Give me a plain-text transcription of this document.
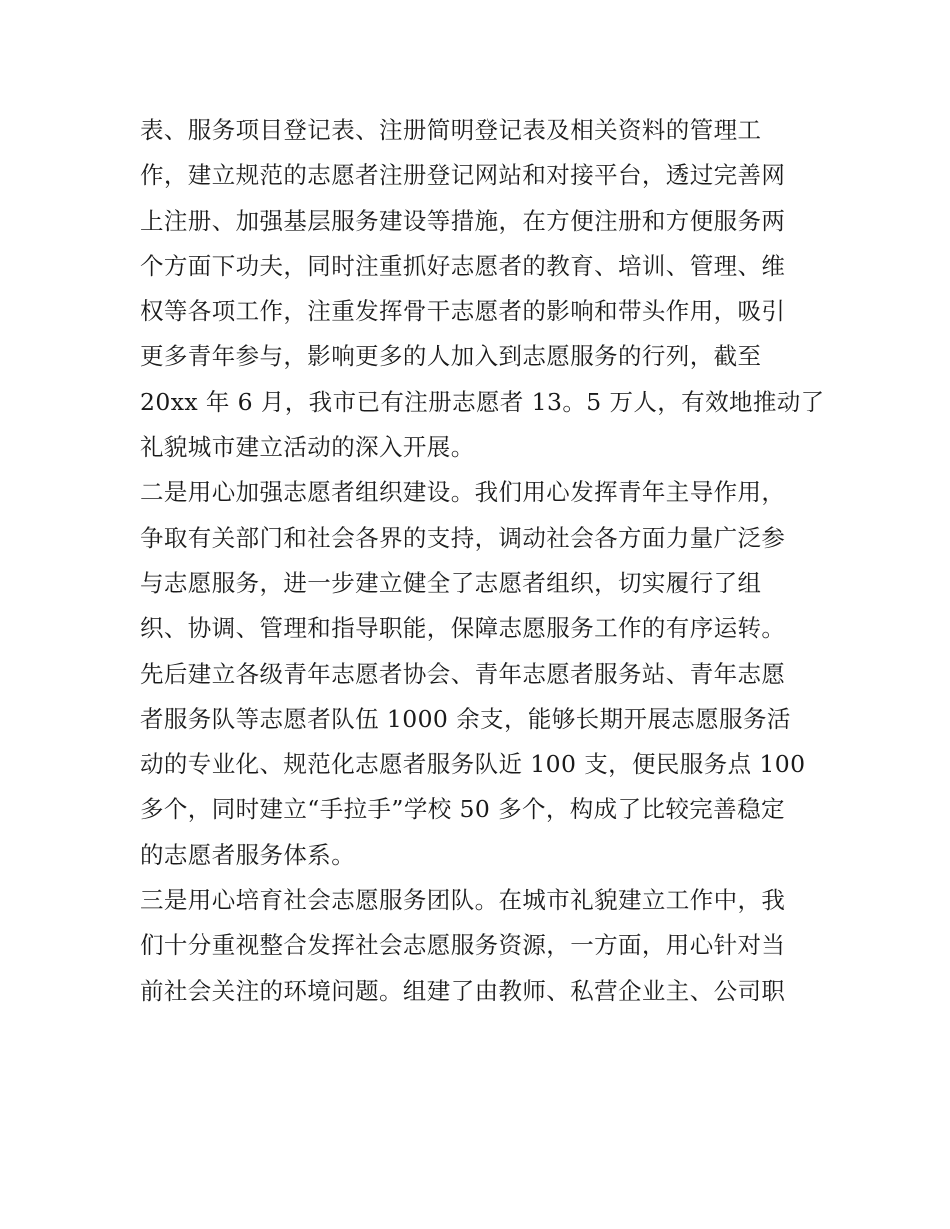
表、服务项目登记表、注册简明登记表及相关资料的管理工
作，建立规范的志愿者注册登记网站和对接平台，透过完善网
上注册、加强基层服务建设等措施，在方便注册和方便服务两
个方面下功夫，同时注重抓好志愿者的教育、培训、管理、维
权等各项工作，注重发挥骨干志愿者的影响和带头作用，吸引
更多青年参与，影响更多的人加入到志愿服务的行列，截至
20xx 年 6 月，我市已有注册志愿者 13。5 万人，有效地推动了
礼貌城市建立活动的深入开展。
二是用心加强志愿者组织建设。我们用心发挥青年主导作用，
争取有关部门和社会各界的支持，调动社会各方面力量广泛参
与志愿服务，进一步建立健全了志愿者组织，切实履行了组
织、协调、管理和指导职能，保障志愿服务工作的有序运转。
先后建立各级青年志愿者协会、青年志愿者服务站、青年志愿
者服务队等志愿者队伍 1000 余支，能够长期开展志愿服务活
动的专业化、规范化志愿者服务队近 100 支，便民服务点 100
多个，同时建立“手拉手”学校 50 多个，构成了比较完善稳定
的志愿者服务体系。
三是用心培育社会志愿服务团队。在城市礼貌建立工作中，我
们十分重视整合发挥社会志愿服务资源，一方面，用心针对当
前社会关注的环境问题。组建了由教师、私营企业主、公司职
